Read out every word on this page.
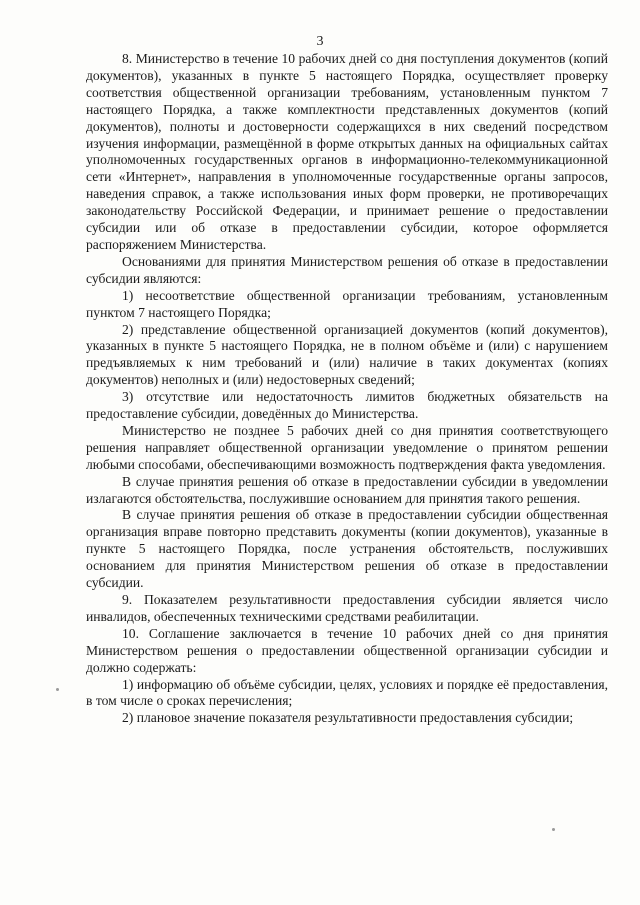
3

8. Министерство в течение 10 рабочих дней со дня поступления документов (копий документов), указанных в пункте 5 настоящего Порядка, осуществляет проверку соответствия общественной организации требованиям, установленным пунктом 7 настоящего Порядка, а также комплектности представленных документов (копий документов), полноты и достоверности содержащихся в них сведений посредством изучения информации, размещённой в форме открытых данных на официальных сайтах уполномоченных государственных органов в информационно-телекоммуникационной сети «Интернет», направления в уполномоченные государственные органы запросов, наведения справок, а также использования иных форм проверки, не противоречащих законодательству Российской Федерации, и принимает решение о предоставлении субсидии или об отказе в предоставлении субсидии, которое оформляется распоряжением Министерства.

Основаниями для принятия Министерством решения об отказе в предоставлении субсидии являются:

1) несоответствие общественной организации требованиям, установленным пунктом 7 настоящего Порядка;

2) представление общественной организацией документов (копий документов), указанных в пункте 5 настоящего Порядка, не в полном объёме и (или) с нарушением предъявляемых к ним требований и (или) наличие в таких документах (копиях документов) неполных и (или) недостоверных сведений;

3) отсутствие или недостаточность лимитов бюджетных обязательств на предоставление субсидии, доведённых до Министерства.

Министерство не позднее 5 рабочих дней со дня принятия соответствующего решения направляет общественной организации уведомление о принятом решении любыми способами, обеспечивающими возможность подтверждения факта уведомления.

В случае принятия решения об отказе в предоставлении субсидии в уведомлении излагаются обстоятельства, послужившие основанием для принятия такого решения.

В случае принятия решения об отказе в предоставлении субсидии общественная организация вправе повторно представить документы (копии документов), указанные в пункте 5 настоящего Порядка, после устранения обстоятельств, послуживших основанием для принятия Министерством решения об отказе в предоставлении субсидии.

9. Показателем результативности предоставления субсидии является число инвалидов, обеспеченных техническими средствами реабилитации.

10. Соглашение заключается в течение 10 рабочих дней со дня принятия Министерством решения о предоставлении общественной организации субсидии и должно содержать:

1) информацию об объёме субсидии, целях, условиях и порядке её предоставления, в том числе о сроках перечисления;

2) плановое значение показателя результативности предоставления субсидии;
